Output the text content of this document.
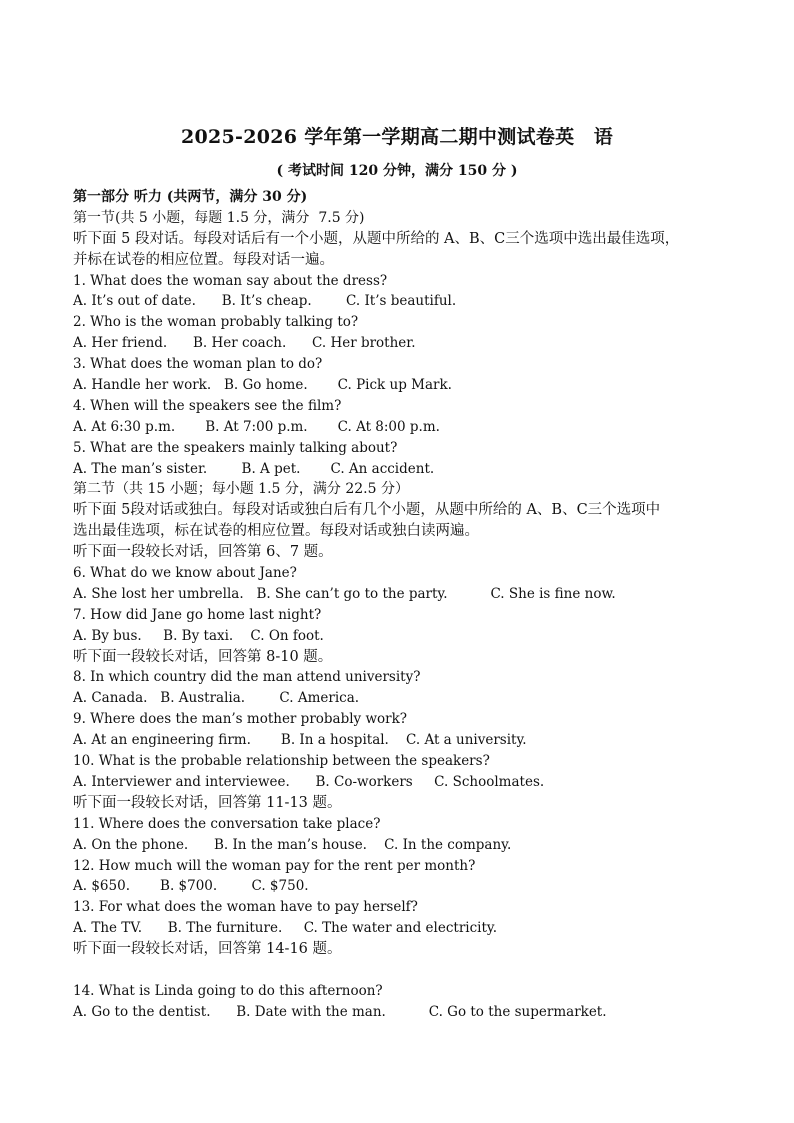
2025-2026 学年第一学期高二期中测试卷英　语
( 考试时间 120 分钟，满分 150 分 )
第一部分 听力 (共两节，满分 30 分)
第一节(共 5 小题，每题 1.5 分，满分  7.5 分)
听下面 5 段对话。每段对话后有一个小题，从题中所给的 A、B、C三个选项中选出最佳选项，
并标在试卷的相应位置。每段对话一遍。
1. What does the woman say about the dress?
A. It’s out of date.      B. It’s cheap.        C. It’s beautiful.
2. Who is the woman probably talking to?
A. Her friend.      B. Her coach.      C. Her brother.
3. What does the woman plan to do?
A. Handle her work.   B. Go home.       C. Pick up Mark.
4. When will the speakers see the film?
A. At 6:30 p.m.       B. At 7:00 p.m.       C. At 8:00 p.m.
5. What are the speakers mainly talking about?
A. The man’s sister.        B. A pet.       C. An accident.
第二节（共 15 小题；每小题 1.5 分，满分 22.5 分）
听下面 5段对话或独白。每段对话或独白后有几个小题，从题中所给的 A、B、C三个选项中
选出最佳选项，标在试卷的相应位置。每段对话或独白读两遍。
听下面一段较长对话，回答第 6、7 题。
6. What do we know about Jane?
A. She lost her umbrella.   B. She can’t go to the party.          C. She is fine now.
7. How did Jane go home last night?
A. By bus.     B. By taxi.    C. On foot.
听下面一段较长对话，回答第 8-10 题。
8. In which country did the man attend university?
A. Canada.   B. Australia.        C. America.
9. Where does the man’s mother probably work?
A. At an engineering firm.       B. In a hospital.    C. At a university.
10. What is the probable relationship between the speakers?
A. Interviewer and interviewee.      B. Co-workers     C. Schoolmates.
听下面一段较长对话，回答第 11-13 题。
11. Where does the conversation take place?
A. On the phone.      B. In the man’s house.    C. In the company.
12. How much will the woman pay for the rent per month?
A. $650.       B. $700.        C. $750.
13. For what does the woman have to pay herself?
A. The TV.      B. The furniture.     C. The water and electricity.
听下面一段较长对话，回答第 14-16 题。
14. What is Linda going to do this afternoon?
A. Go to the dentist.      B. Date with the man.          C. Go to the supermarket.
